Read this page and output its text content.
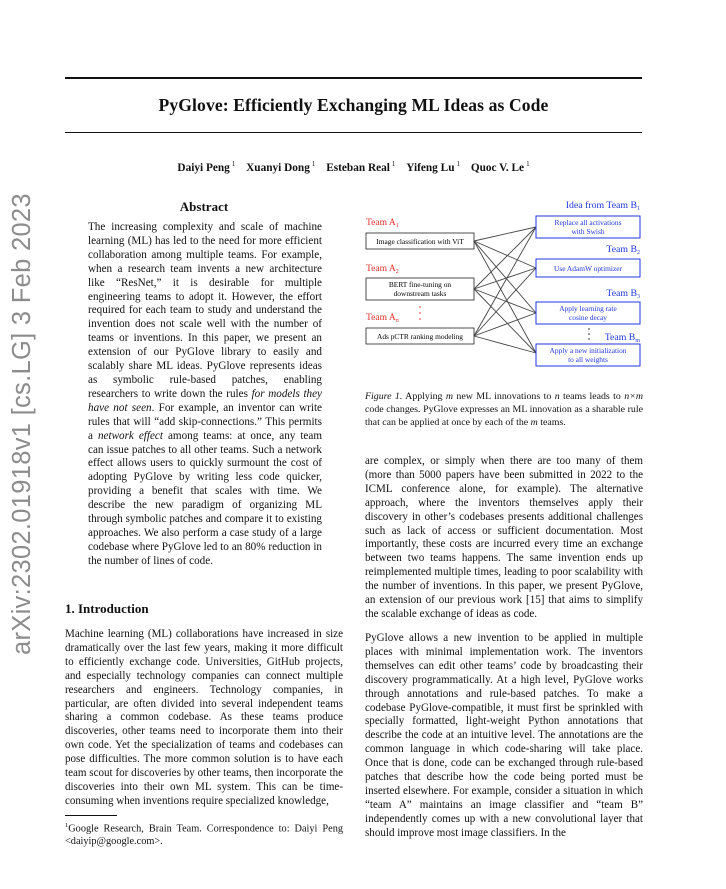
arXiv:2302.01918v1 [cs.LG] 3 Feb 2023
PyGlove: Efficiently Exchanging ML Ideas as Code
Daiyi Peng $^1$ Xuanyi Dong $^1$ Esteban Real $^1$ Yifeng Lu $^1$ Quoc V. Le $^1$
Abstract
The increasing complexity and scale of machine learning (ML) has led to the need for more efficient collaboration among multiple teams. For example, when a research team invents a new architecture like “ResNet,” it is desirable for multiple engineering teams to adopt it. However, the effort required for each team to study and understand the invention does not scale well with the number of teams or inventions. In this paper, we present an extension of our PyGlove library to easily and scalably share ML ideas. PyGlove represents ideas as symbolic rule-based patches, enabling researchers to write down the rules for models they have not seen. For example, an inventor can write rules that will “add skip-connections.” This permits a network effect among teams: at once, any team can issue patches to all other teams. Such a network effect allows users to quickly surmount the cost of adopting PyGlove by writing less code quicker, providing a benefit that scales with time. We describe the new paradigm of organizing ML through symbolic patches and compare it to existing approaches. We also perform a case study of a large codebase where PyGlove led to an 80% reduction in the number of lines of code.
1. Introduction
Machine learning (ML) collaborations have increased in size dramatically over the last few years, making it more difficult to efficiently exchange code. Universities, GitHub projects, and especially technology companies can connect multiple researchers and engineers. Technology companies, in particular, are often divided into several independent teams sharing a common codebase. As these teams produce discoveries, other teams need to incorporate them into their own code. Yet the specialization of teams and codebases can pose difficulties. The more common solution is to have each team scout for discoveries by other teams, then incorporate the discoveries into their own ML system. This can be time-consuming when inventions require specialized knowledge,
$^1$Google Research, Brain Team. Correspondence to: Daiyi Peng <daiyip@google.com>.
Team $A_1$
Team $A_2$
Team $A_n$
Image classification with ViT
BERT fine-tuning on
downstream tasks
Ads pCTR ranking modeling
Idea from Team $B_1$
Team $B_2$
Team $B_3$
Team $B_m$
Replace all activations
with Swish
Use AdamW optimizer
Apply learning rate
cosine decay
Apply a new initialization
to all weights
Figure 1. Applying m new ML innovations to n teams leads to n×m code changes. PyGlove expresses an ML innovation as a sharable rule that can be applied at once by each of the m teams.
are complex, or simply when there are too many of them (more than 5000 papers have been submitted in 2022 to the ICML conference alone, for example). The alternative approach, where the inventors themselves apply their discovery in other’s codebases presents additional challenges such as lack of access or sufficient documentation. Most importantly, these costs are incurred every time an exchange between two teams happens. The same invention ends up reimplemented multiple times, leading to poor scalability with the number of inventions. In this paper, we present PyGlove, an extension of our previous work [15] that aims to simplify the scalable exchange of ideas as code.
PyGlove allows a new invention to be applied in multiple places with minimal implementation work. The inventors themselves can edit other teams’ code by broadcasting their discovery programmatically. At a high level, PyGlove works through annotations and rule-based patches. To make a codebase PyGlove-compatible, it must first be sprinkled with specially formatted, light-weight Python annotations that describe the code at an intuitive level. The annotations are the common language in which code-sharing will take place. Once that is done, code can be exchanged through rule-based patches that describe how the code being ported must be inserted elsewhere. For example, consider a situation in which “team A” maintains an image classifier and “team B” independently comes up with a new convolutional layer that should improve most image classifiers. In the
